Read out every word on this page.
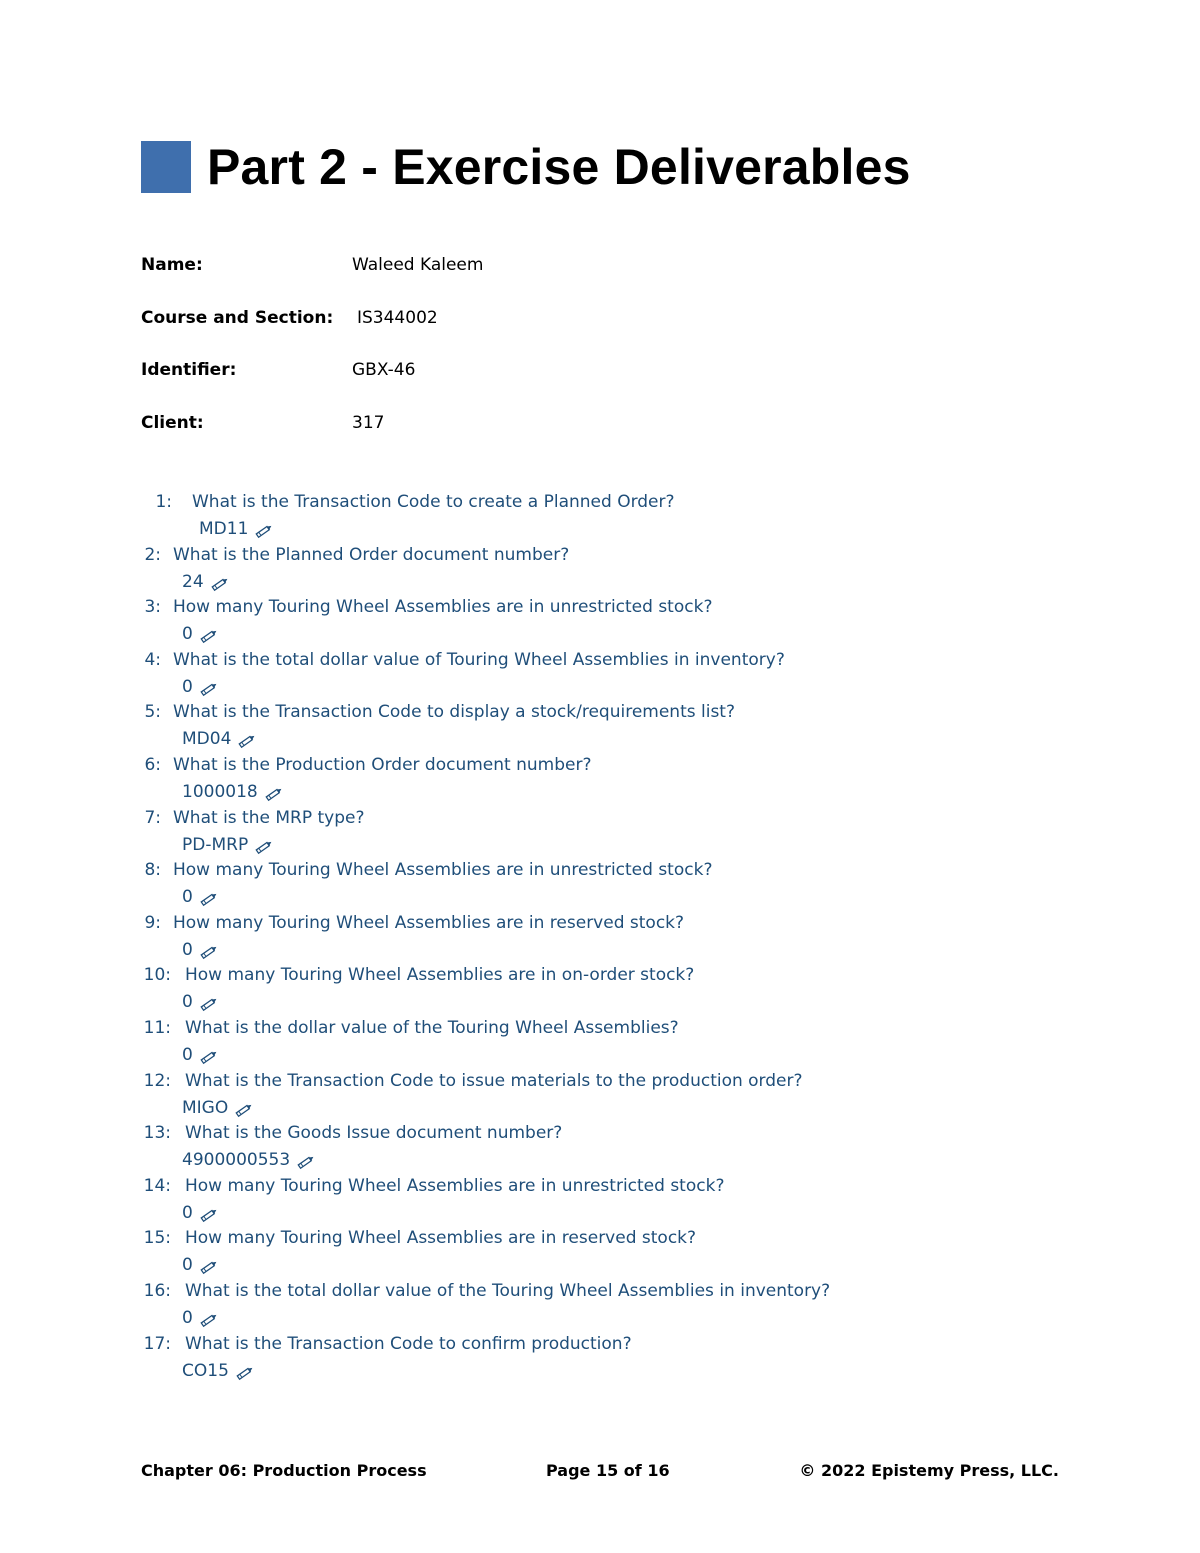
Part 2 - Exercise Deliverables
Name:	Waleed Kaleem
Course and Section:	IS344002
Identifier:	GBX-46
Client:	317
1: What is the Transaction Code to create a Planned Order?
MD11
2: What is the Planned Order document number?
24
3: How many Touring Wheel Assemblies are in unrestricted stock?
0
4: What is the total dollar value of Touring Wheel Assemblies in inventory?
0
5: What is the Transaction Code to display a stock/requirements list?
MD04
6: What is the Production Order document number?
1000018
7: What is the MRP type?
PD-MRP
8: How many Touring Wheel Assemblies are in unrestricted stock?
0
9: How many Touring Wheel Assemblies are in reserved stock?
0
10: How many Touring Wheel Assemblies are in on-order stock?
0
11: What is the dollar value of the Touring Wheel Assemblies?
0
12: What is the Transaction Code to issue materials to the production order?
MIGO
13: What is the Goods Issue document number?
4900000553
14: How many Touring Wheel Assemblies are in unrestricted stock?
0
15: How many Touring Wheel Assemblies are in reserved stock?
0
16: What is the total dollar value of the Touring Wheel Assemblies in inventory?
0
17: What is the Transaction Code to confirm production?
CO15
Chapter 06: Production Process	Page 15 of 16	© 2022 Epistemy Press, LLC.
